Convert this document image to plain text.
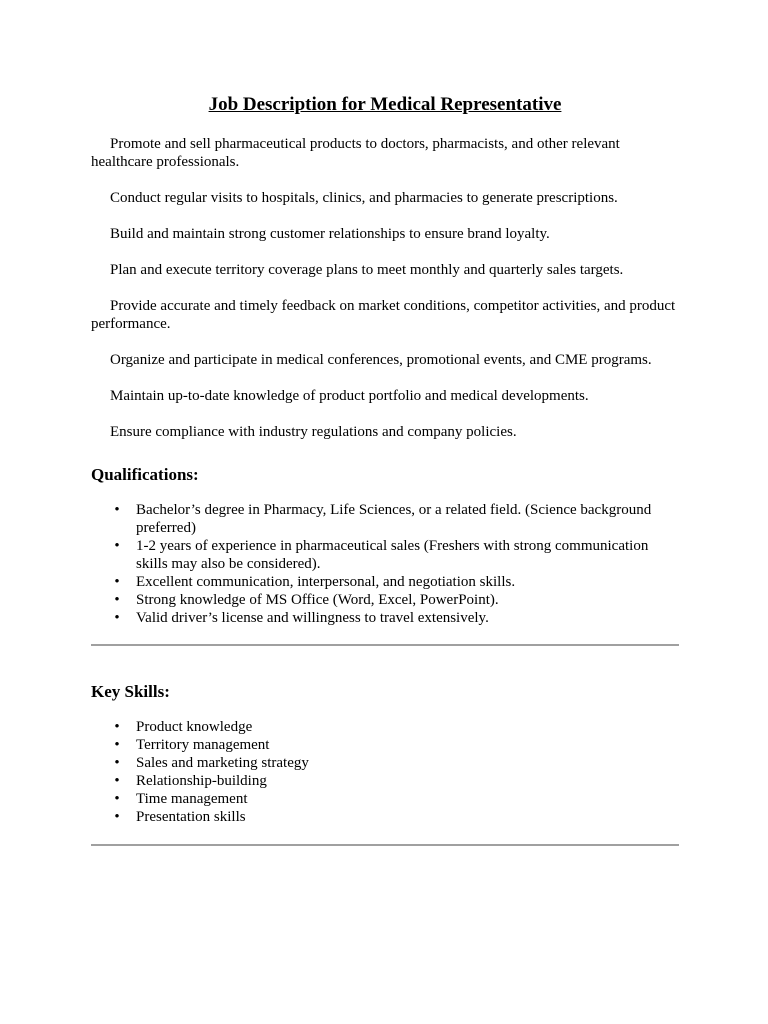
Job Description for Medical Representative

Promote and sell pharmaceutical products to doctors, pharmacists, and other relevant healthcare professionals.

Conduct regular visits to hospitals, clinics, and pharmacies to generate prescriptions.

Build and maintain strong customer relationships to ensure brand loyalty.

Plan and execute territory coverage plans to meet monthly and quarterly sales targets.

Provide accurate and timely feedback on market conditions, competitor activities, and product performance.

Organize and participate in medical conferences, promotional events, and CME programs.

Maintain up-to-date knowledge of product portfolio and medical developments.

Ensure compliance with industry regulations and company policies.

Qualifications:
• Bachelor’s degree in Pharmacy, Life Sciences, or a related field. (Science background preferred)
• 1-2 years of experience in pharmaceutical sales (Freshers with strong communication skills may also be considered).
• Excellent communication, interpersonal, and negotiation skills.
• Strong knowledge of MS Office (Word, Excel, PowerPoint).
• Valid driver’s license and willingness to travel extensively.
Key Skills:
• Product knowledge
• Territory management
• Sales and marketing strategy
• Relationship-building
• Time management
• Presentation skills
